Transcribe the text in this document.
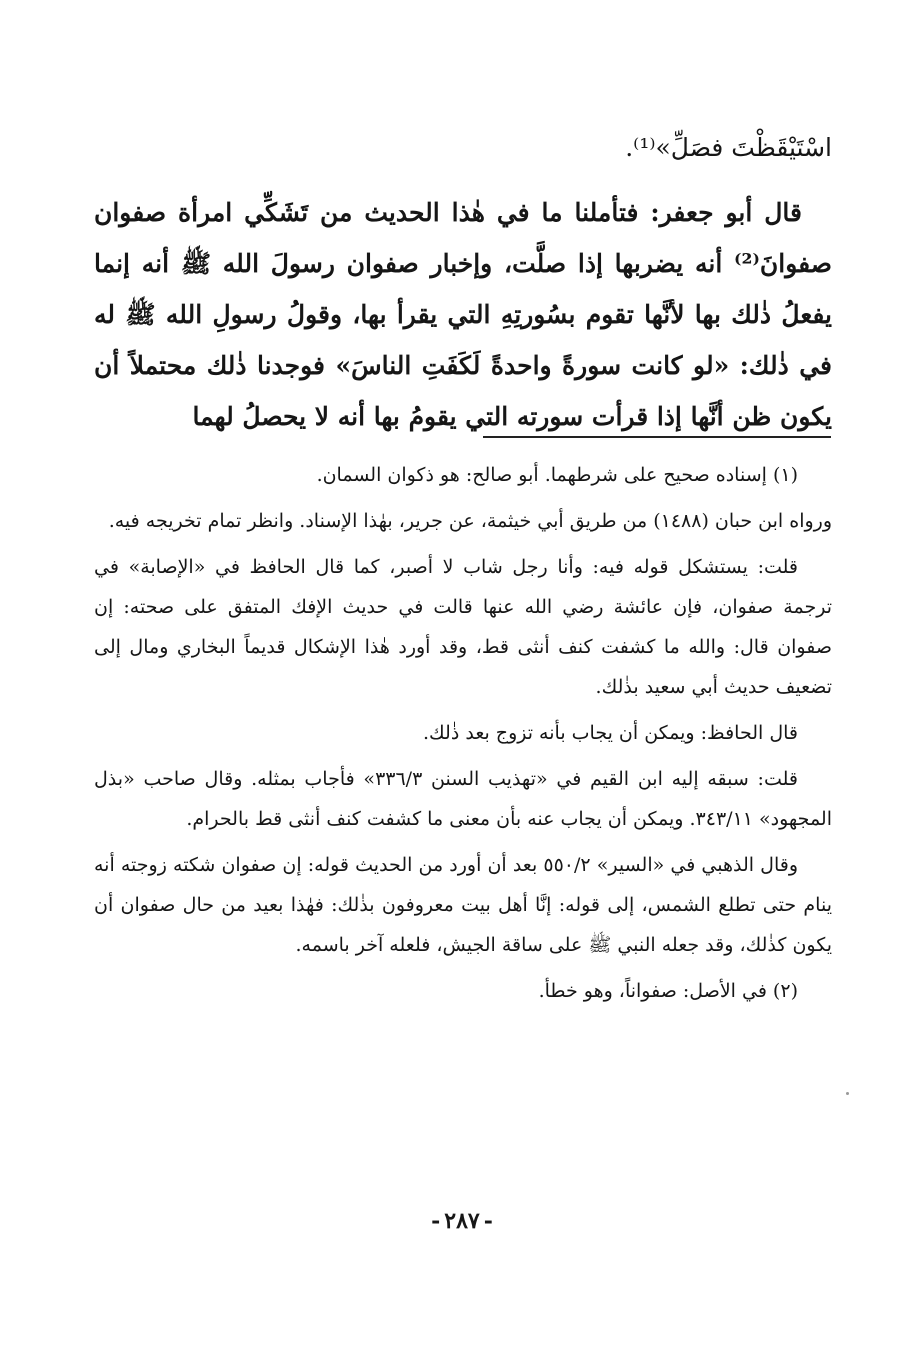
اسْتَيْقَظْتَ فصَلِّ»⁽¹⁾.

قال أبو جعفر: فتأملنا ما في هٰذا الحديث من تَشَكِّي امرأة صفوان صفوانَ⁽²⁾ أنه يضربها إذا صلَّت، وإخبار صفوان رسولَ الله ﷺ أنه إنما يفعلُ ذٰلك بها لأنَّها تقوم بسُورتِهِ التي يقرأ بها، وقولُ رسولِ الله ﷺ له في ذٰلك: «لو كانت سورةً واحدةً لَكَفَتِ الناسَ» فوجدنا ذٰلك محتملاً أن يكون ظن أنَّها إذا قرأت سورته التي يقومُ بها أنه لا يحصلُ لهما

(١) إسناده صحيح على شرطهما. أبو صالح: هو ذكوان السمان.

ورواه ابن حبان (١٤٨٨) من طريق أبي خيثمة، عن جرير، بهٰذا الإسناد. وانظر تمام تخريجه فيه.

قلت: يستشكل قوله فيه: وأنا رجل شاب لا أصبر، كما قال الحافظ في «الإصابة» في ترجمة صفوان، فإن عائشة رضي الله عنها قالت في حديث الإفك المتفق على صحته: إن صفوان قال: والله ما كشفت كنف أنثى قط، وقد أورد هٰذا الإشكال قديماً البخاري ومال إلى تضعيف حديث أبي سعيد بذٰلك.

قال الحافظ: ويمكن أن يجاب بأنه تزوج بعد ذٰلك.

قلت: سبقه إليه ابن القيم في «تهذيب السنن ٣٣٦/٣» فأجاب بمثله. وقال صاحب «بذل المجهود» ٣٤٣/١١. ويمكن أن يجاب عنه بأن معنى ما كشفت كنف أنثى قط بالحرام.

وقال الذهبي في «السير» ٥٥٠/٢ بعد أن أورد من الحديث قوله: إن صفوان شكته زوجته أنه ينام حتى تطلع الشمس، إلى قوله: إنَّا أهل بيت معروفون بذٰلك: فهٰذا بعيد من حال صفوان أن يكون كذٰلك، وقد جعله النبي ﷺ على ساقة الجيش، فلعله آخر باسمه.

(٢) في الأصل: صفواناً، وهو خطأ.

-٢٨٧-
